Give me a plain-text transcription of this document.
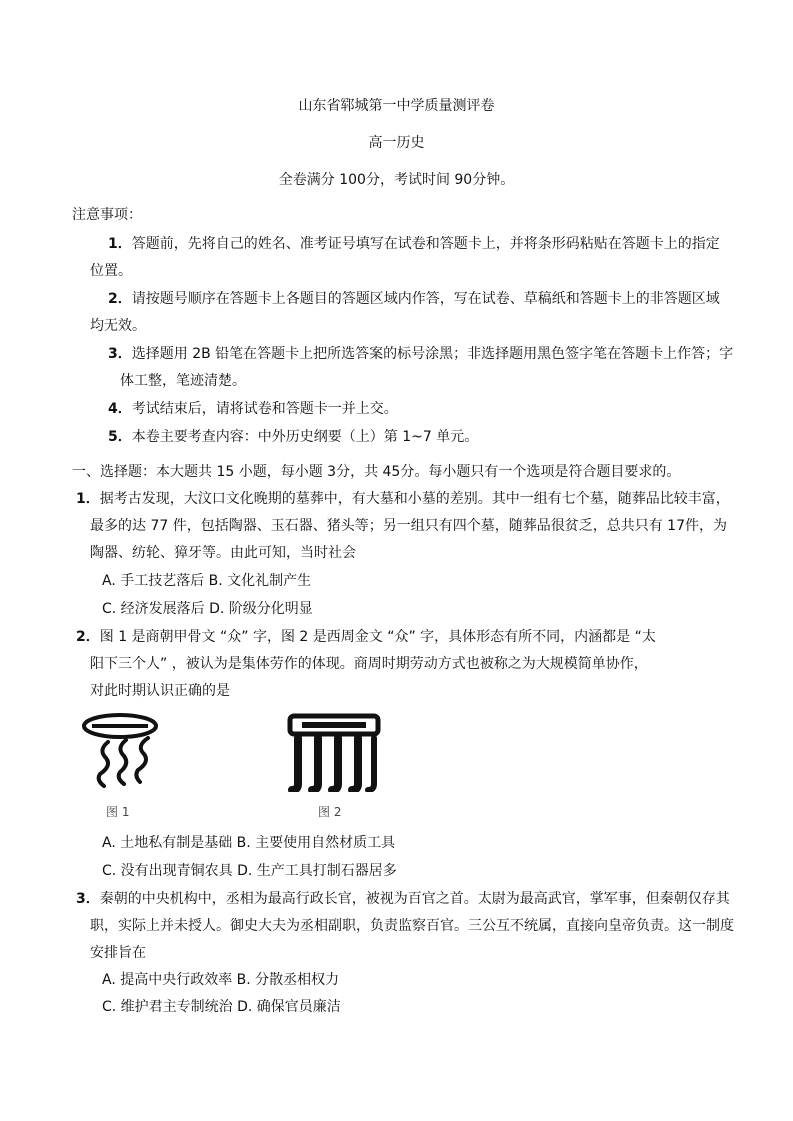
山东省郓城第一中学质量测评卷
高一历史
全卷满分 100分，考试时间 90分钟。
注意事项：
1．答题前，先将自己的姓名、准考证号填写在试卷和答题卡上，并将条形码粘贴在答题卡上的指定
位置。
2．请按题号顺序在答题卡上各题目的答题区域内作答，写在试卷、草稿纸和答题卡上的非答题区域
均无效。
3．选择题用 2B 铅笔在答题卡上把所选答案的标号涂黑；非选择题用黑色签字笔在答题卡上作答；字
体工整，笔迹清楚。
4．考试结束后，请将试卷和答题卡一并上交。
5．本卷主要考查内容：中外历史纲要（上）第 1~7 单元。
一、选择题：本大题共 15 小题，每小题 3分，共 45分。每小题只有一个选项是符合题目要求的。
1．据考古发现，大汶口文化晚期的墓葬中，有大墓和小墓的差别。其中一组有七个墓，随葬品比较丰富，
最多的达 77 件，包括陶器、玉石器、猪头等；另一组只有四个墓，随葬品很贫乏，总共只有 17件，为
陶器、纺轮、獐牙等。由此可知，当时社会
A. 手工技艺落后 B. 文化礼制产生
C. 经济发展落后 D. 阶级分化明显
2．图 1 是商朝甲骨文 “众” 字，图 2 是西周金文 “众” 字，具体形态有所不同，内涵都是 “太
阳下三个人” ，被认为是集体劳作的体现。商周时期劳动方式也被称之为大规模简单协作，
对此时期认识正确的是
图 1	图 2
A. 土地私有制是基础 B. 主要使用自然材质工具
C. 没有出现青铜农具 D. 生产工具打制石器居多
3．秦朝的中央机构中，丞相为最高行政长官，被视为百官之首。太尉为最高武官，掌军事，但秦朝仅存其
职，实际上并未授人。御史大夫为丞相副职，负责监察百官。三公互不统属，直接向皇帝负责。这一制度
安排旨在
A. 提高中央行政效率 B. 分散丞相权力
C. 维护君主专制统治 D. 确保官员廉洁
